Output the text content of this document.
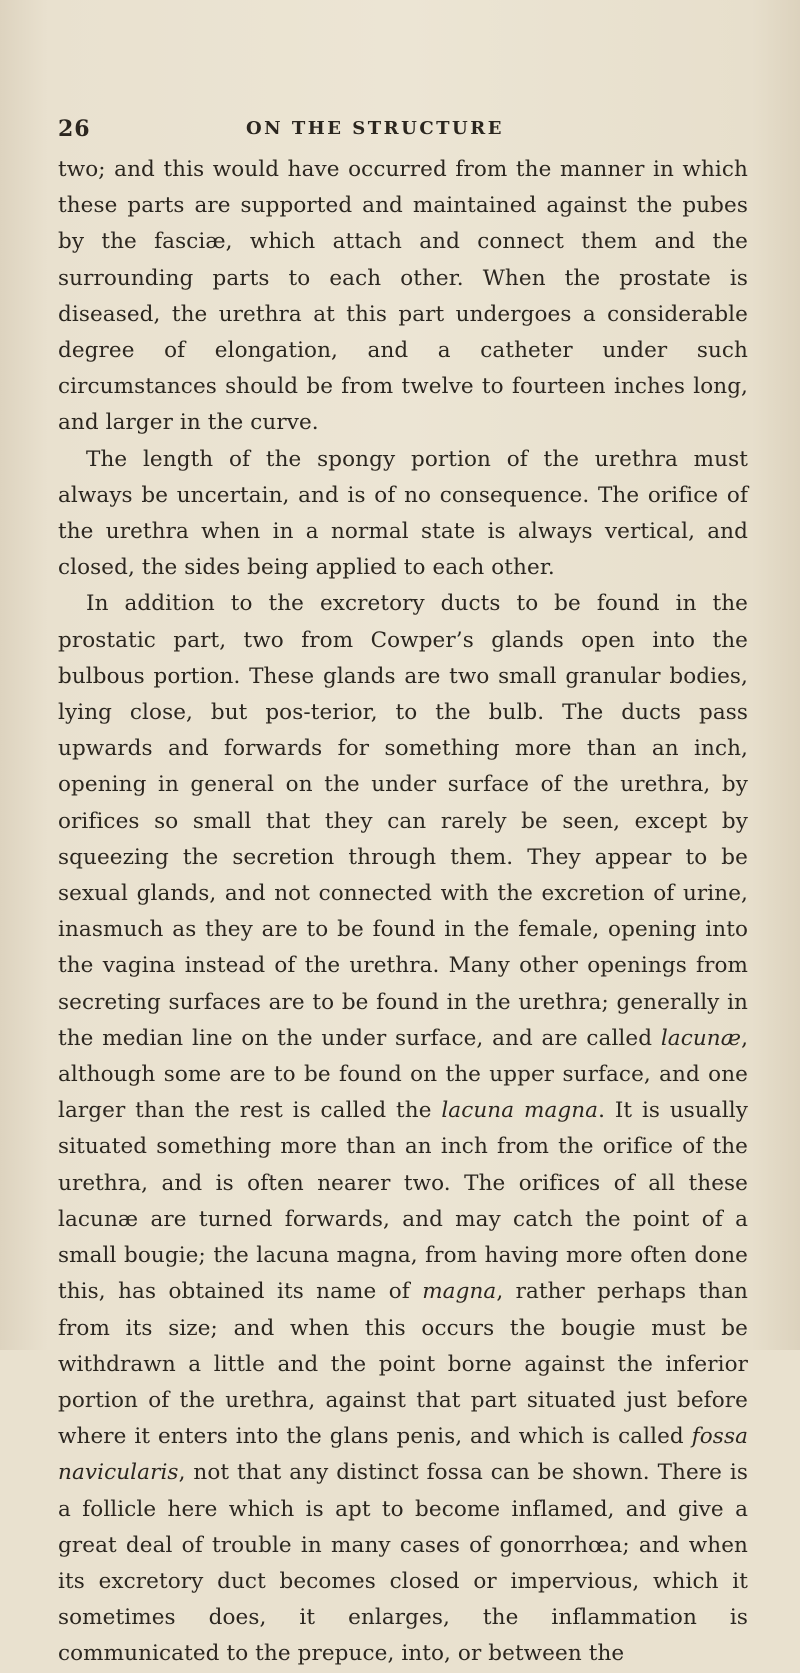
26	ON THE STRUCTURE

two; and this would have occurred from the manner in which these parts are supported and maintained against the pubes by the fasciæ, which attach and connect them and the surrounding parts to each other. When the prostate is diseased, the urethra at this part undergoes a considerable degree of elongation, and a catheter under such circumstances should be from twelve to fourteen inches long, and larger in the curve.

The length of the spongy portion of the urethra must always be uncertain, and is of no consequence. The orifice of the urethra when in a normal state is always vertical, and closed, the sides being applied to each other.

In addition to the excretory ducts to be found in the prostatic part, two from Cowper’s glands open into the bulbous portion. These glands are two small granular bodies, lying close, but pos-terior, to the bulb. The ducts pass upwards and forwards for something more than an inch, opening in general on the under surface of the urethra, by orifices so small that they can rarely be seen, except by squeezing the secretion through them. They appear to be sexual glands, and not connected with the excretion of urine, inasmuch as they are to be found in the female, opening into the vagina instead of the urethra. Many other openings from secreting surfaces are to be found in the urethra; generally in the median line on the under surface, and are called lacunæ, although some are to be found on the upper surface, and one larger than the rest is called the lacuna magna. It is usually situated something more than an inch from the orifice of the urethra, and is often nearer two. The orifices of all these lacunæ are turned forwards, and may catch the point of a small bougie; the lacuna magna, from having more often done this, has obtained its name of magna, rather perhaps than from its size; and when this occurs the bougie must be withdrawn a little and the point borne against the inferior portion of the urethra, against that part situated just before where it enters into the glans penis, and which is called fossa navicularis, not that any distinct fossa can be shown. There is a follicle here which is apt to become inflamed, and give a great deal of trouble in many cases of gonorrhœa; and when its excretory duct becomes closed or impervious, which it sometimes does, it enlarges, the inflammation is communicated to the prepuce, into, or between the
